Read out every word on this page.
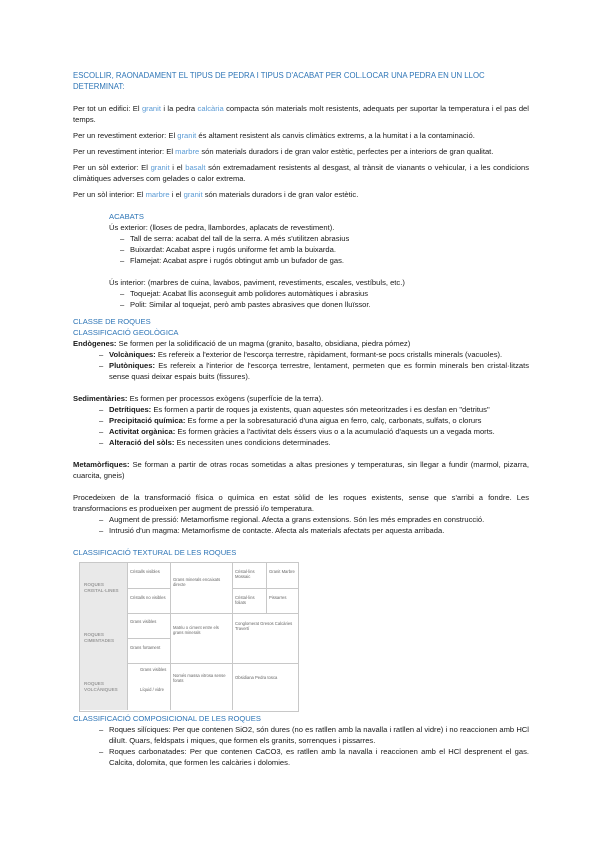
ESCOLLIR, RAONADAMENT EL TIPUS DE PEDRA I TIPUS D'ACABAT PER COL.LOCAR UNA PEDRA EN UN LLOC DETERMINAT:
Per tot un edifici: El granit i la pedra calcària compacta són materials molt resistents, adequats per suportar la temperatura i el pas del temps.
Per un revestiment exterior: El granit és altament resistent als canvis climàtics extrems, a la humitat i a la contaminació.
Per un revestiment interior: El marbre són materials duradors i de gran valor estètic, perfectes per a interiors de gran qualitat.
Per un sòl exterior: El granit i el basalt són extremadament resistents al desgast, al trànsit de vianants o vehicular, i a les condicions climàtiques adverses com gelades o calor extrema.
Per un sòl interior: El marbre i el granit són materials duradors i de gran valor estètic.

ACABATS

Ús exterior: (lloses de pedra, llambordes, aplacats de revestiment).

– Tall de serra: acabat del tall de la serra. A més s'utilitzen abrasius
– Buixardat: Acabat aspre i rugós uniforme fet amb la buixarda.
– Flamejat: Acabat aspre i rugós obtingut amb un bufador de gas.

Ús interior: (marbres de cuina, lavabos, paviment, revestiments, escales, vestíbuls, etc.)

– Toquejat: Acabat llis aconseguit amb polidores automàtiques i abrasius
– Polit: Similar al toquejat, però amb pastes abrasives que donen lluïssor.

CLASSE DE ROQUES

CLASSIFICACIÓ GEOLÒGICA

Endògenes: Se formen per la solidificació de un magma (granito, basalto, obsidiana, piedra pómez)

– Volcàniques: Es refereix a l'exterior de l'escorça terrestre, ràpidament, formant-se pocs cristalls minerals (vacuoles).
– Plutòniques: Es refereix a l'interior de l'escorça terrestre, lentament, permeten que es formin minerals ben cristal·litzats sense quasi deixar espais buits (fissures).

Sedimentàries: Es formen per processos exògens (superfície de la terra).

– Detrítiques: Es formen a partir de roques ja existents, quan aquestes són meteoritzades i es desfan en "detritus"
– Precipitació química: Es forme a per la sobresaturació d'una aigua en ferro, calç, carbonats, sulfats, o clorurs
– Activitat orgànica: Es formen gràcies a l'activitat dels éssers vius o a la acumulació d'aquests un a vegada morts.
– Alteració del sòls: Es necessiten unes condicions determinades.

Metamòrfiques: Se forman a partir de otras rocas sometidas a altas presiones y temperaturas, sin llegar a fundir (marmol, pizarra, cuarcita, gneis)

Procedeixen de la transformació física o química en estat sòlid de les roques existents, sense que s'arribi a fondre. Les transformacions es produeixen per augment de pressió i/o temperatura.

– Augment de pressió: Metamorfisme regional. Afecta a grans extensions. Són les més emprades en construcció.
– Intrusió d'un magma: Metamorfisme de contacte. Afecta als materials afectats per aquesta arribada.

CLASSIFICACIÓ TEXTURAL DE LES ROQUES

ROQUES CRISTAL·LINES
Cristalls visibles
Cristalls no visibles
Grans minerals encaixats directe
Cristal·lins Mossaic
Cristal·lins foliats
Granit Marbre
Pissarres
ROQUES CIMENTADES
Grans visibles
Grans fortament
Matriu o ciment entre els grans minerals
Conglomerat Gresos Calcàries Travertí
ROQUES VOLCÀNIQUES
Grans visibles
Líquid / vidre
Només massa vitrosa sense forats
Obsidiana Pedra tosca

CLASSIFICACIÓ COMPOSICIONAL DE LES ROQUES

– Roques silíciques: Per que contenen SiO2, són dures (no es ratllen amb la navalla i ratllen al vidre) i no reaccionen amb HCl diluït. Quars, feldspats i miques, que formen els granits, sorrenques i pissarres.
– Roques carbonatades: Per que contenen CaCO3, es ratllen amb la navalla i reaccionen amb el HCl desprenent el gas. Calcita, dolomita, que formen les calcàries i dolomies.
